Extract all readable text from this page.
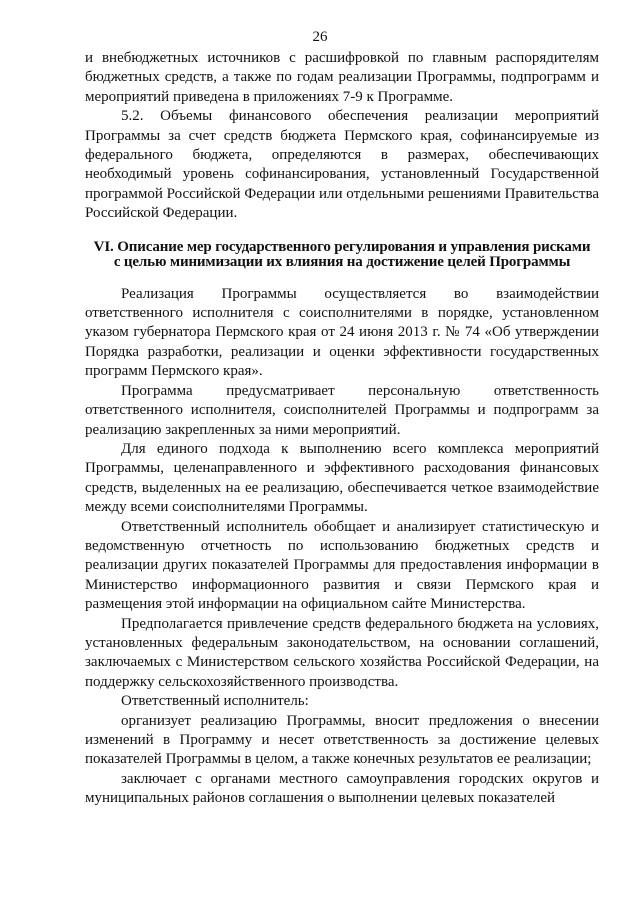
26

и внебюджетных источников с расшифровкой по главным распорядителям бюджетных средств, а также по годам реализации Программы, подпрограмм и мероприятий приведена в приложениях 7-9 к Программе.

5.2. Объемы финансового обеспечения реализации мероприятий Программы за счет средств бюджета Пермского края, софинансируемые из федерального бюджета, определяются в размерах, обеспечивающих необходимый уровень софинансирования, установленный Государственной программой Российской Федерации или отдельными решениями Правительства Российской Федерации.

VI. Описание мер государственного регулирования и управления рисками
с целью минимизации их влияния на достижение целей Программы

Реализация Программы осуществляется во взаимодействии ответственного исполнителя с соисполнителями в порядке, установленном указом губернатора Пермского края от 24 июня 2013 г. № 74 «Об утверждении Порядка разработки, реализации и оценки эффективности государственных программ Пермского края».

Программа предусматривает персональную ответственность ответственного исполнителя, соисполнителей Программы и подпрограмм за реализацию закрепленных за ними мероприятий.

Для единого подхода к выполнению всего комплекса мероприятий Программы, целенаправленного и эффективного расходования финансовых средств, выделенных на ее реализацию, обеспечивается четкое взаимодействие между всеми соисполнителями Программы.

Ответственный исполнитель обобщает и анализирует статистическую и ведомственную отчетность по использованию бюджетных средств и реализации других показателей Программы для предоставления информации в Министерство информационного развития и связи Пермского края и размещения этой информации на официальном сайте Министерства.

Предполагается привлечение средств федерального бюджета на условиях, установленных федеральным законодательством, на основании соглашений, заключаемых с Министерством сельского хозяйства Российской Федерации, на поддержку сельскохозяйственного производства.

Ответственный исполнитель:

организует реализацию Программы, вносит предложения о внесении изменений в Программу и несет ответственность за достижение целевых показателей Программы в целом, а также конечных результатов ее реализации;

заключает с органами местного самоуправления городских округов и муниципальных районов соглашения о выполнении целевых показателей
